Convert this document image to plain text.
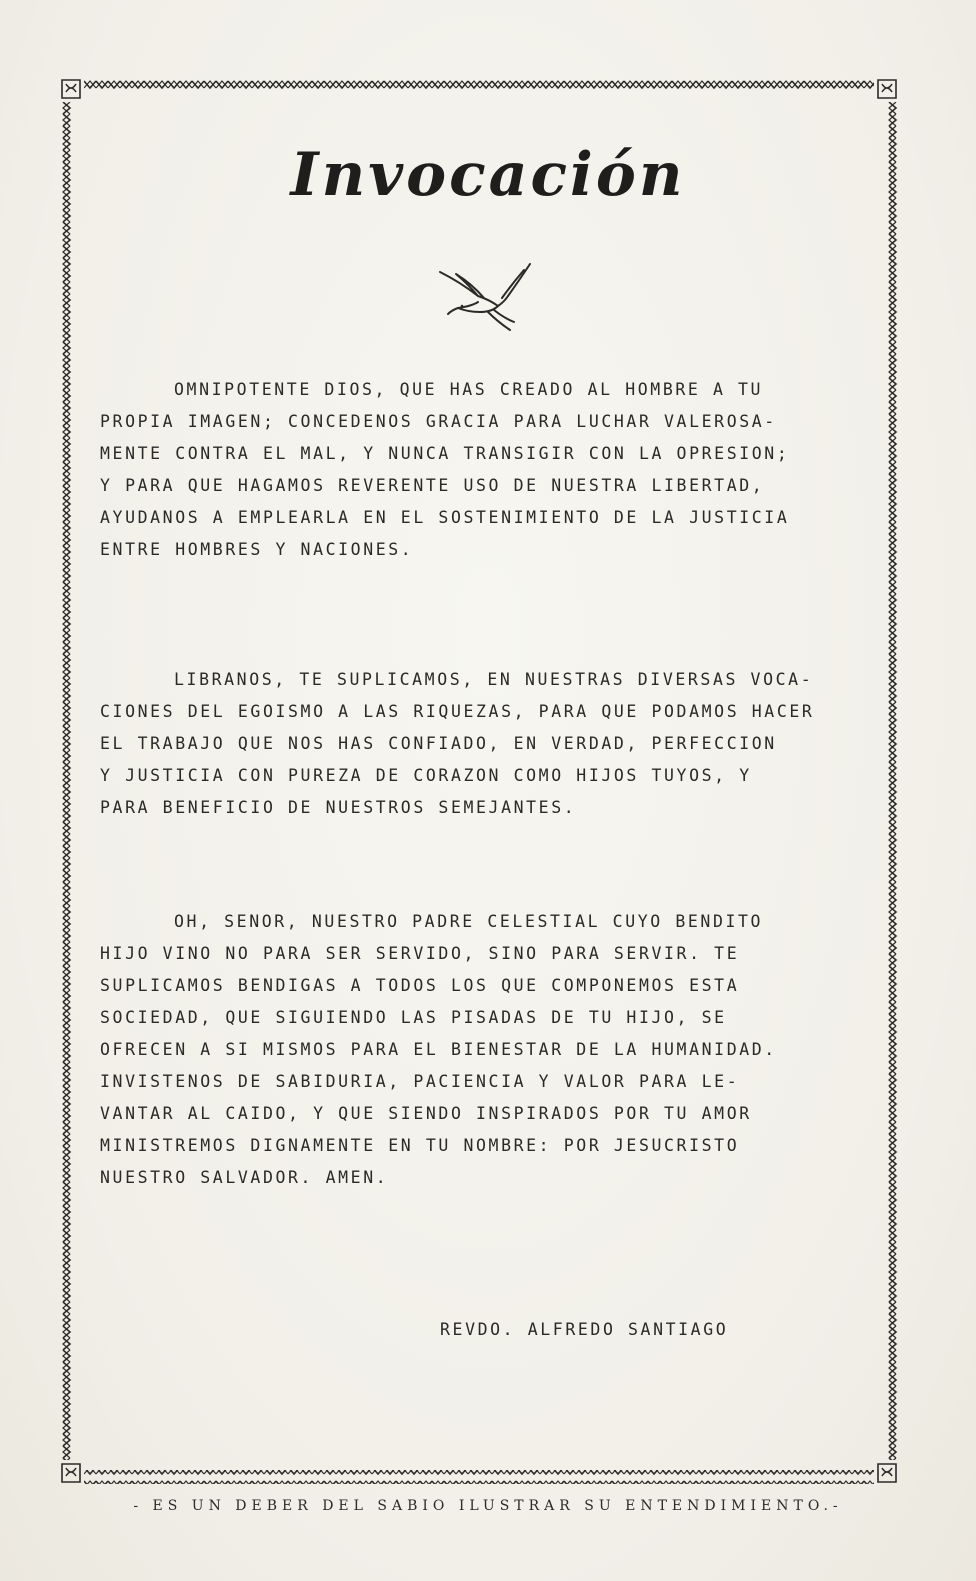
Invocación

OMNIPOTENTE DIOS, QUE HAS CREADO AL HOMBRE A TU
PROPIA IMAGEN; CONCEDENOS GRACIA PARA LUCHAR VALEROSA-
MENTE CONTRA EL MAL, Y NUNCA TRANSIGIR CON LA OPRESION;
Y PARA QUE HAGAMOS REVERENTE USO DE NUESTRA LIBERTAD,
AYUDANOS A EMPLEARLA EN EL SOSTENIMIENTO DE LA JUSTICIA
ENTRE HOMBRES Y NACIONES.

LIBRANOS, TE SUPLICAMOS, EN NUESTRAS DIVERSAS VOCA-
CIONES DEL EGOISMO A LAS RIQUEZAS, PARA QUE PODAMOS HACER
EL TRABAJO QUE NOS HAS CONFIADO, EN VERDAD, PERFECCION
Y JUSTICIA CON PUREZA DE CORAZON COMO HIJOS TUYOS, Y
PARA BENEFICIO DE NUESTROS SEMEJANTES.

OH, SENOR, NUESTRO PADRE CELESTIAL CUYO BENDITO
HIJO VINO NO PARA SER SERVIDO, SINO PARA SERVIR. TE
SUPLICAMOS BENDIGAS A TODOS LOS QUE COMPONEMOS ESTA
SOCIEDAD, QUE SIGUIENDO LAS PISADAS DE TU HIJO, SE
OFRECEN A SI MISMOS PARA EL BIENESTAR DE LA HUMANIDAD.
INVISTENOS DE SABIDURIA, PACIENCIA Y VALOR PARA LE-
VANTAR AL CAIDO, Y QUE SIENDO INSPIRADOS POR TU AMOR
MINISTREMOS DIGNAMENTE EN TU NOMBRE: POR JESUCRISTO
NUESTRO SALVADOR. AMEN.

REVDO. ALFREDO SANTIAGO
- ES UN DEBER DEL SABIO ILUSTRAR SU ENTENDIMIENTO.-
